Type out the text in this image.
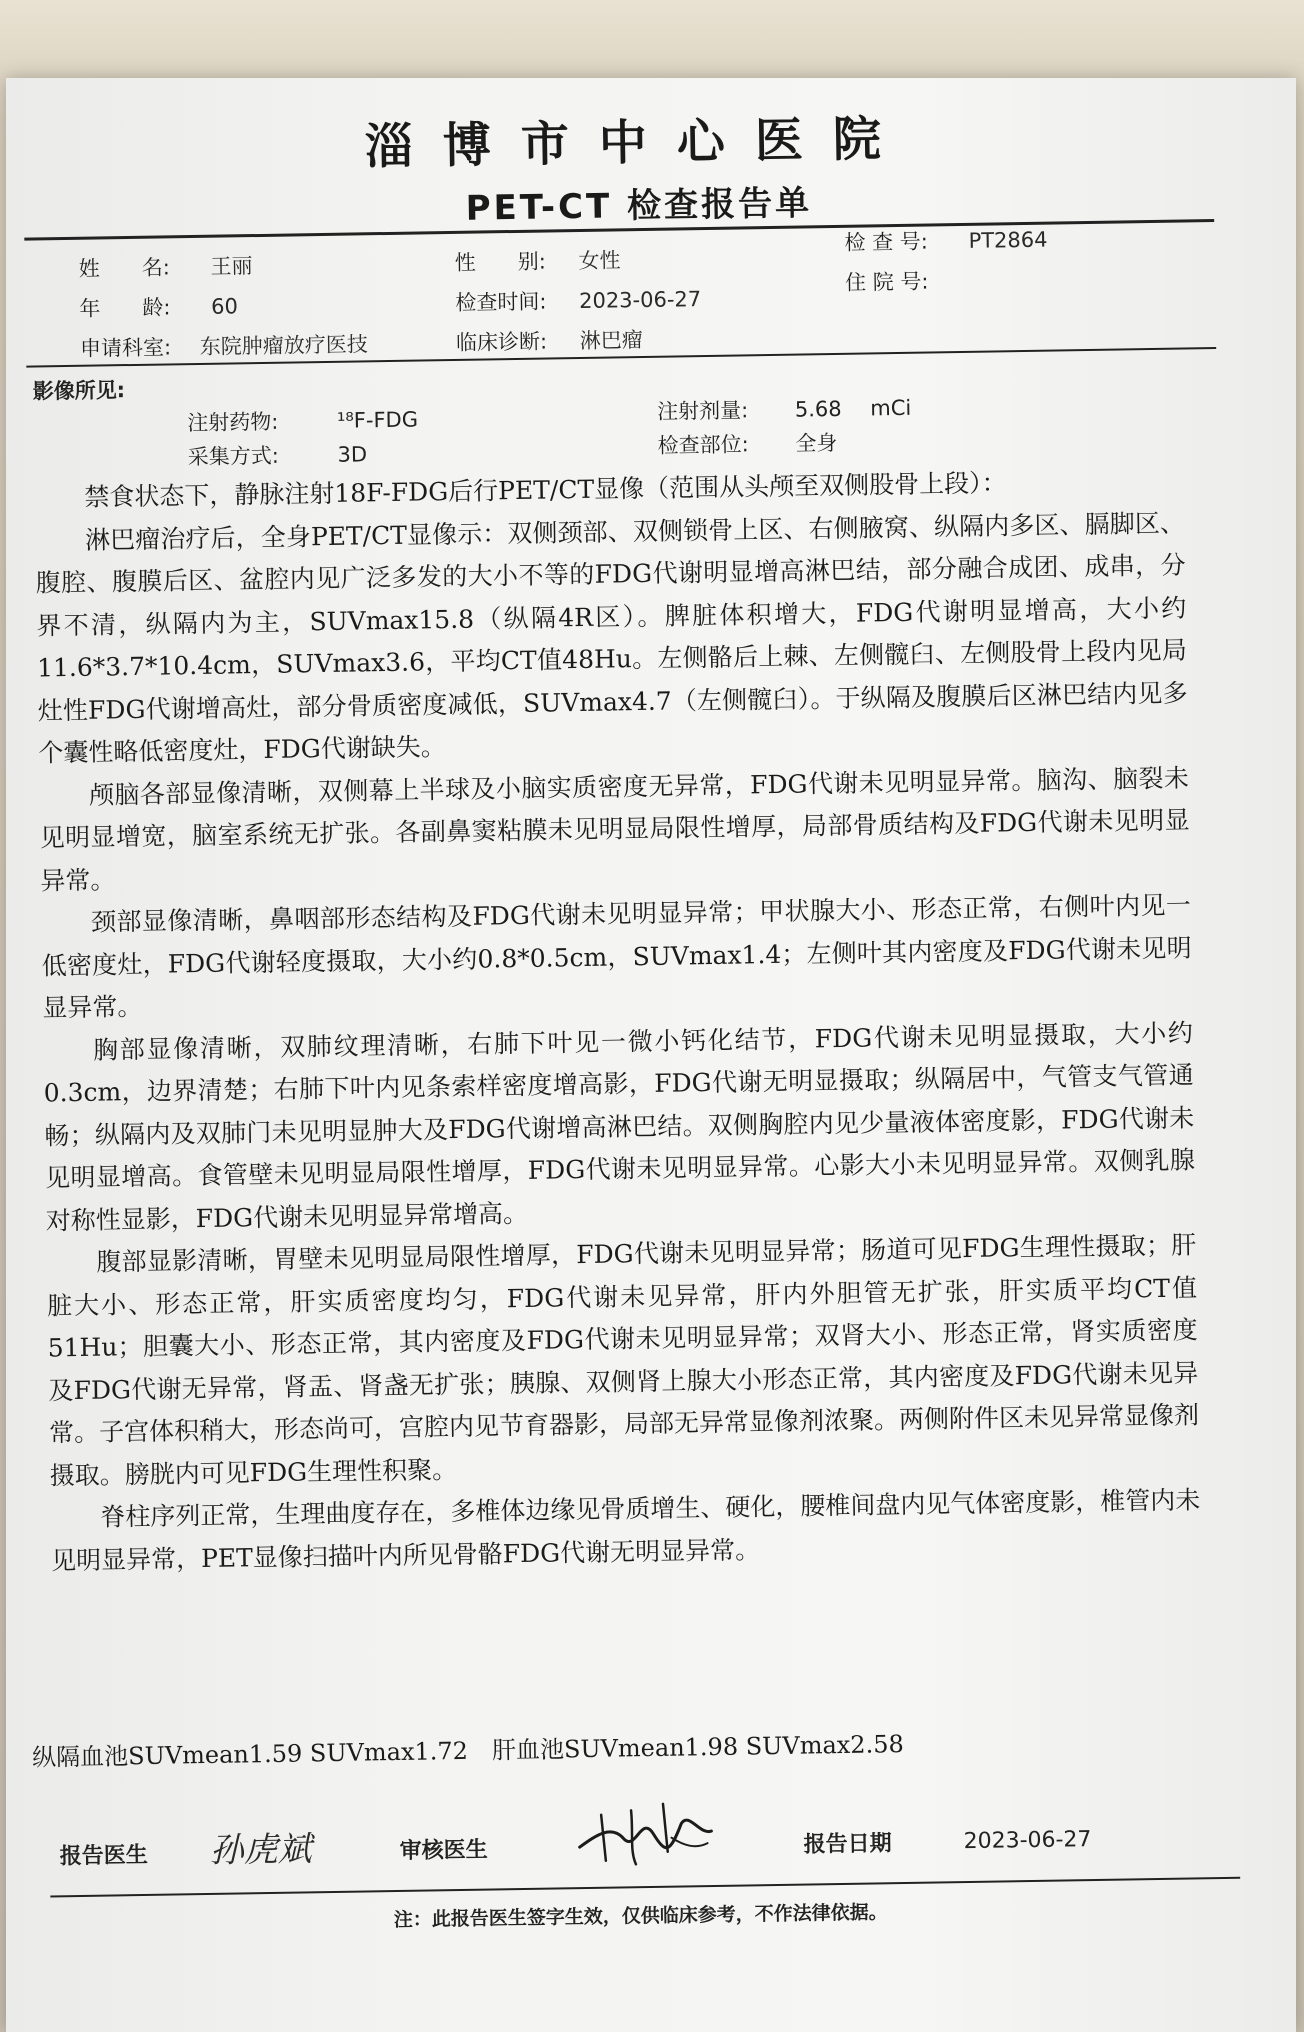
淄博市中心医院
PET-CT 检查报告单
姓　　名: 王丽	性　　别: 女性
检 查 号: PT2864
年　　龄: 60	检查时间: 2023-06-27
住 院 号:
申请科室: 东院肿瘤放疗医技	临床诊断: 淋巴瘤
影像所见:
注射药物:	¹⁸F-FDG	注射剂量: 5.68 mCi
采集方式:	3D	检查部位: 全身

禁食状态下，静脉注射18F-FDG后行PET/CT显像（范围从头颅至双侧股骨上段）：

淋巴瘤治疗后，全身PET/CT显像示：双侧颈部、双侧锁骨上区、右侧腋窝、纵隔内多区、膈脚区、腹腔、腹膜后区、盆腔内见广泛多发的大小不等的FDG代谢明显增高淋巴结，部分融合成团、成串，分界不清，纵隔内为主，SUVmax15.8（纵隔4R区）。脾脏体积增大，FDG代谢明显增高，大小约11.6*3.7*10.4cm，SUVmax3.6，平均CT值48Hu。左侧骼后上棘、左侧髋臼、左侧股骨上段内见局灶性FDG代谢增高灶，部分骨质密度减低，SUVmax4.7（左侧髋臼）。于纵隔及腹膜后区淋巴结内见多个囊性略低密度灶，FDG代谢缺失。

颅脑各部显像清晰，双侧幕上半球及小脑实质密度无异常，FDG代谢未见明显异常。脑沟、脑裂未见明显增宽，脑室系统无扩张。各副鼻窦粘膜未见明显局限性增厚，局部骨质结构及FDG代谢未见明显异常。

颈部显像清晰，鼻咽部形态结构及FDG代谢未见明显异常；甲状腺大小、形态正常，右侧叶内见一低密度灶，FDG代谢轻度摄取，大小约0.8*0.5cm，SUVmax1.4；左侧叶其内密度及FDG代谢未见明显异常。

胸部显像清晰，双肺纹理清晰，右肺下叶见一微小钙化结节，FDG代谢未见明显摄取，大小约0.3cm，边界清楚；右肺下叶内见条索样密度增高影，FDG代谢无明显摄取；纵隔居中，气管支气管通畅；纵隔内及双肺门未见明显肿大及FDG代谢增高淋巴结。双侧胸腔内见少量液体密度影，FDG代谢未见明显增高。食管壁未见明显局限性增厚，FDG代谢未见明显异常。心影大小未见明显异常。双侧乳腺对称性显影，FDG代谢未见明显异常增高。

腹部显影清晰，胃壁未见明显局限性增厚，FDG代谢未见明显异常；肠道可见FDG生理性摄取；肝脏大小、形态正常，肝实质密度均匀，FDG代谢未见异常，肝内外胆管无扩张，肝实质平均CT值51Hu；胆囊大小、形态正常，其内密度及FDG代谢未见明显异常；双肾大小、形态正常，肾实质密度及FDG代谢无异常，肾盂、肾盏无扩张；胰腺、双侧肾上腺大小形态正常，其内密度及FDG代谢未见异常。子宫体积稍大，形态尚可，宫腔内见节育器影，局部无异常显像剂浓聚。两侧附件区未见异常显像剂摄取。膀胱内可见FDG生理性积聚。

脊柱序列正常，生理曲度存在，多椎体边缘见骨质增生、硬化，腰椎间盘内见气体密度影，椎管内未见明显异常，PET显像扫描叶内所见骨骼FDG代谢无明显异常。

纵隔血池SUVmean1.59 SUVmax1.72　肝血池SUVmean1.98 SUVmax2.58
报告医生 孙虎斌	审核医生	报告日期	2023-06-27
注：此报告医生签字生效，仅供临床参考，不作法律依据。
